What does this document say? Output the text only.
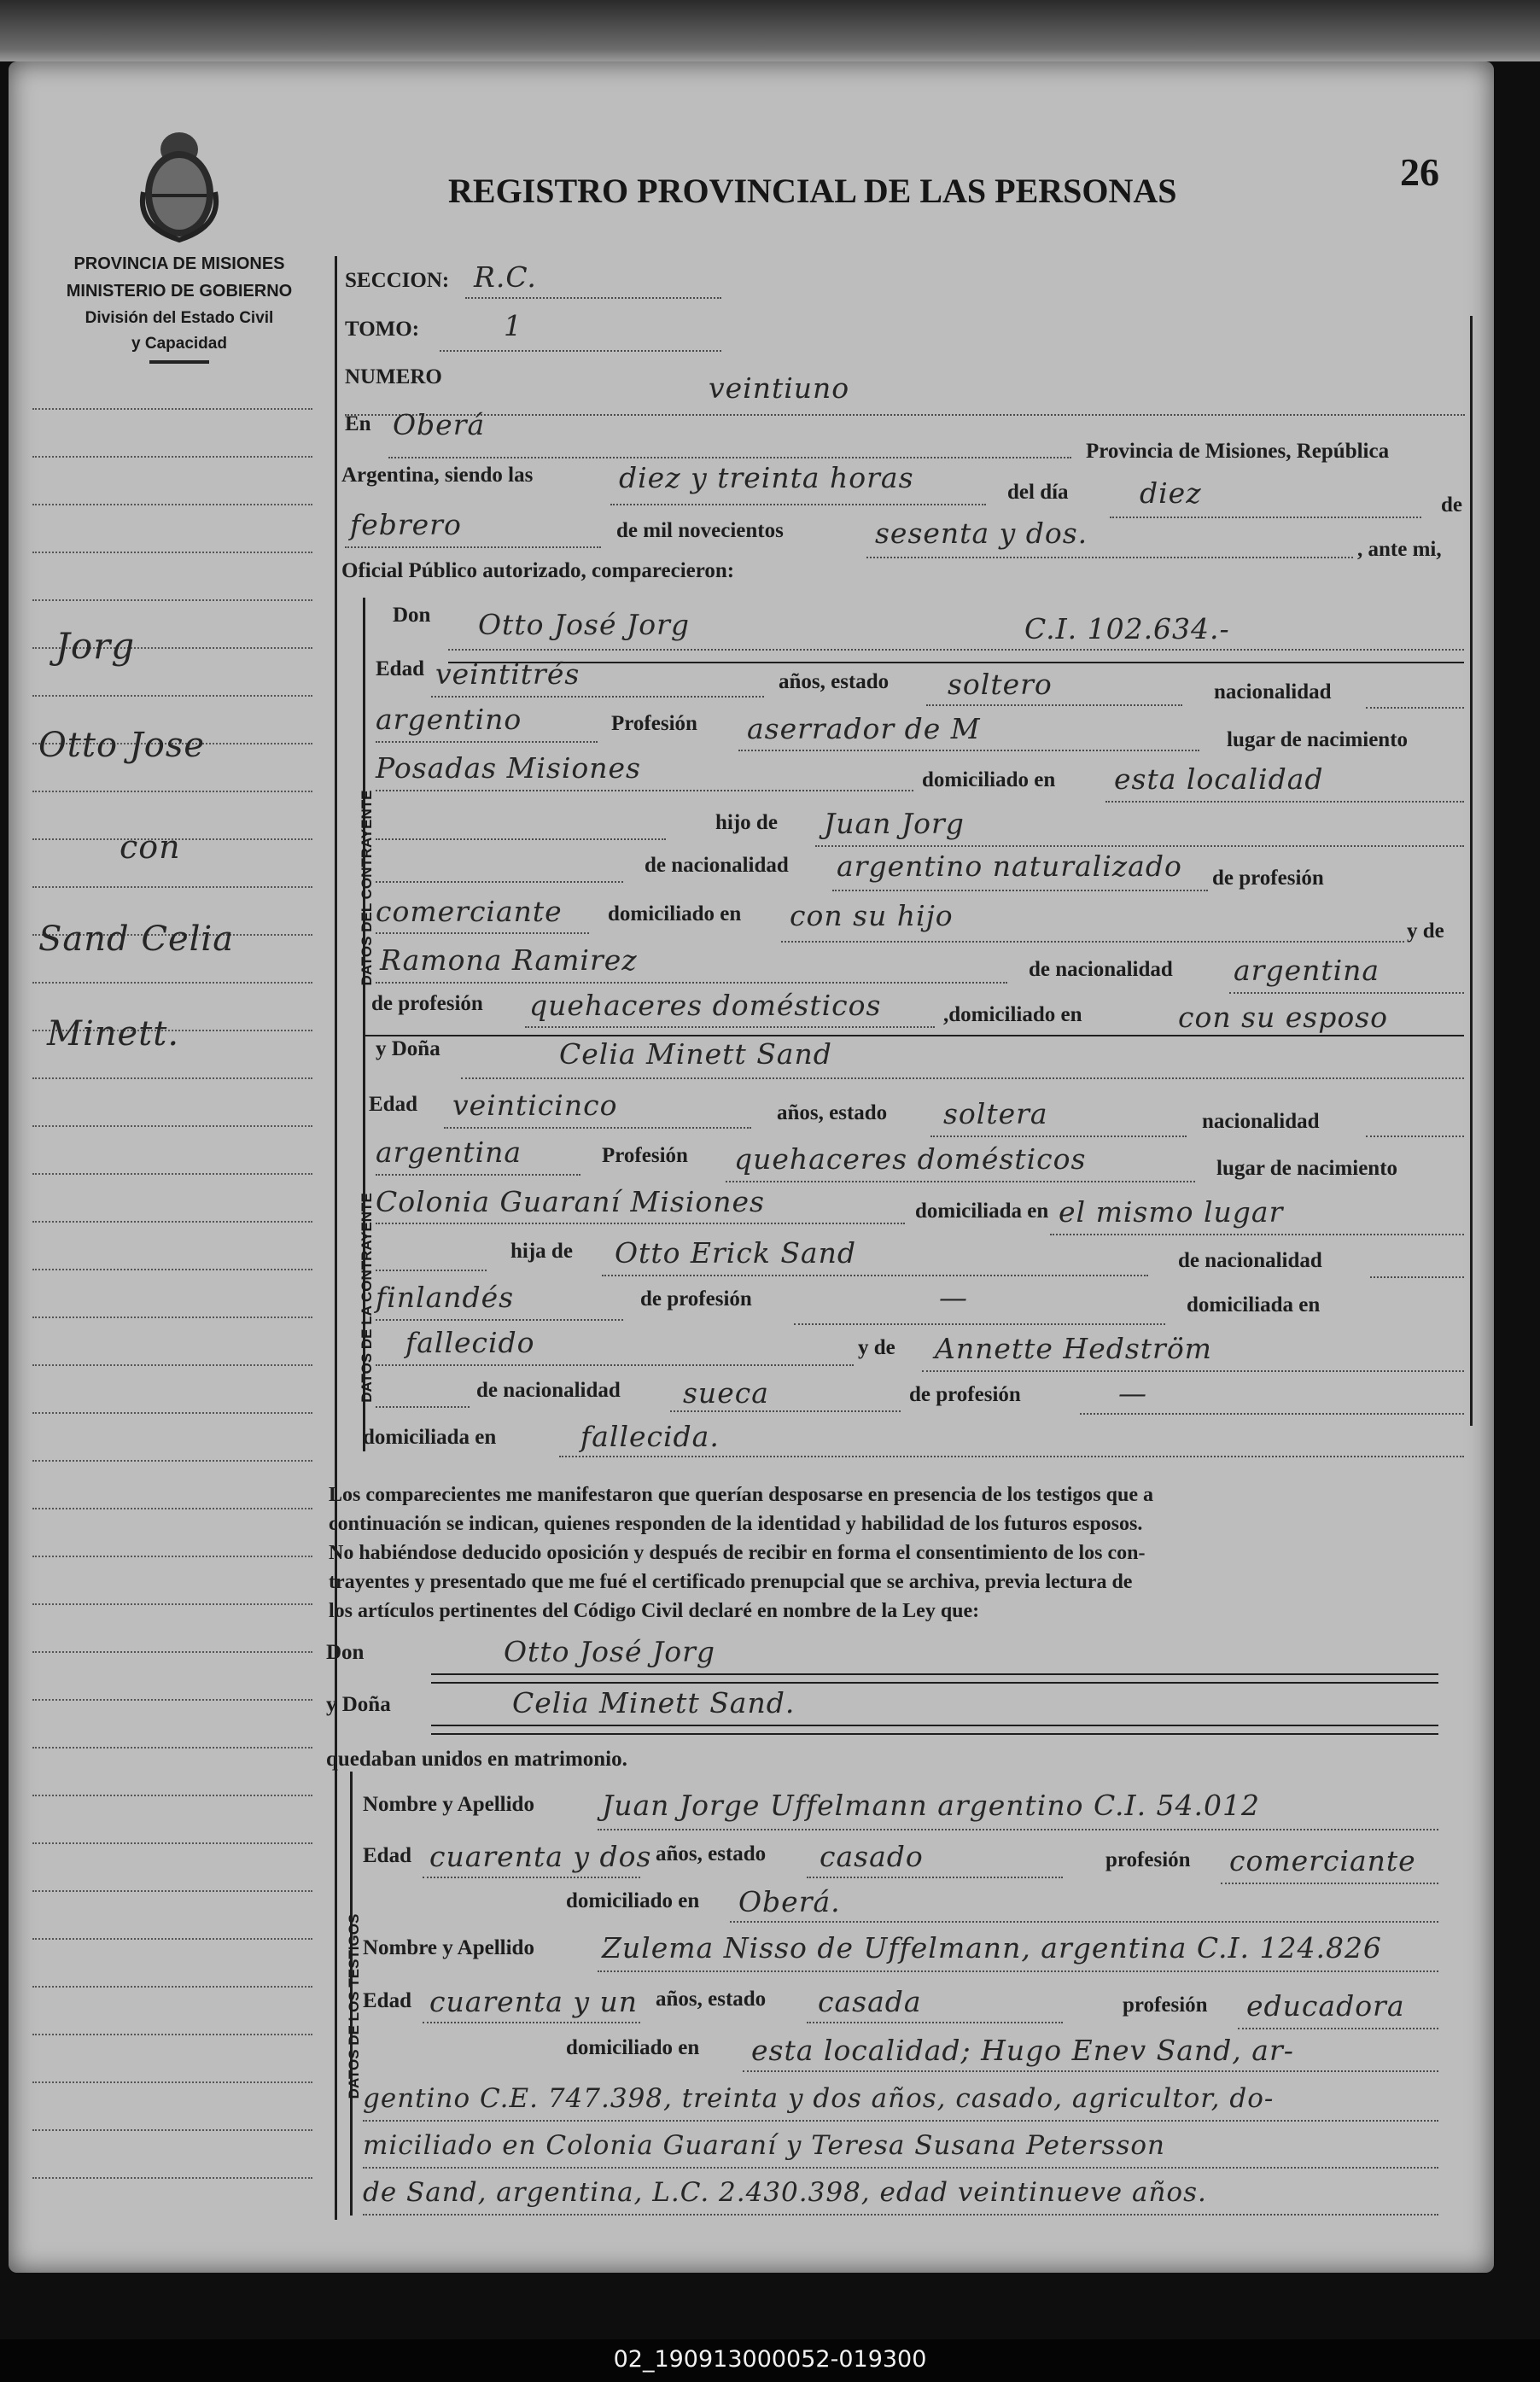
PROVINCIA DE MISIONES
MINISTERIO DE GOBIERNO
División del Estado Civil
y Capacidad
REGISTRO PROVINCIAL DE LAS PERSONAS	26
Jorg
Otto Jose
con
Sand Celia
Minett.
DATOS DEL CONTRAYENTE
DATOS DE LA CONTRAYENTE
DATOS DE LOS TESTIGOS
SECCION: R.C.
TOMO:	1
NUMERO	veintiuno
En Oberá
Provincia de Misiones, República
Argentina, siendo las	diez y treinta horas	del día	diez	de
febrero	de mil novecientos	sesenta y dos.	, ante mi,
Oficial Público autorizado, comparecieron:
Don Otto José Jorg	C.I. 102.634.-
Edad veintitrés	años, estado soltero	nacionalidad
argentino	Profesión aserrador de M	lugar de nacimiento
Posadas Misiones	domiciliado en esta localidad
hijo de Juan Jorg
de nacionalidad argentino naturalizado de profesión
comerciante domiciliado en con su hijo	y de
Ramona Ramirez	de nacionalidad argentina
de profesión quehaceres domésticos	,domiciliado en	con su esposo
y Doña	Celia Minett Sand
Edad veinticinco	años, estado soltera	nacionalidad
argentina	Profesión quehaceres domésticos	lugar de nacimiento
Colonia Guaraní Misiones	domiciliada en el mismo lugar
hija de Otto Erick Sand	de nacionalidad
finlandés	de profesión	—	domiciliada en
fallecido	y de Annette Hedström
de nacionalidad sueca	de profesión	—
domiciliada en	fallecida.
Los comparecientes me manifestaron que querían desposarse en presencia de los testigos que a
continuación se indican, quienes responden de la identidad y habilidad de los futuros esposos.
No habiéndose deducido oposición y después de recibir en forma el consentimiento de los con-
trayentes y presentado que me fué el certificado prenupcial que se archiva, previa lectura de
los artículos pertinentes del Código Civil declaré en nombre de la Ley que:
Don	Otto José Jorg
y Doña	Celia Minett Sand.
quedaban unidos en matrimonio.
Nombre y Apellido Juan Jorge Uffelmann argentino C.I. 54.012
Edad cuarenta y dos años, estado casado	profesión comerciante
domiciliado en Oberá.
Nombre y Apellido Zulema Nisso de Uffelmann, argentina C.I. 124.826
Edad cuarenta y un años, estado casada	profesión educadora
domiciliado en esta localidad; Hugo Enev Sand, ar-
gentino C.E. 747.398, treinta y dos años, casado, agricultor, do-
miciliado en Colonia Guaraní y Teresa Susana Petersson
de Sand, argentina, L.C. 2.430.398, edad veintinueve años.
02_190913000052-019300
